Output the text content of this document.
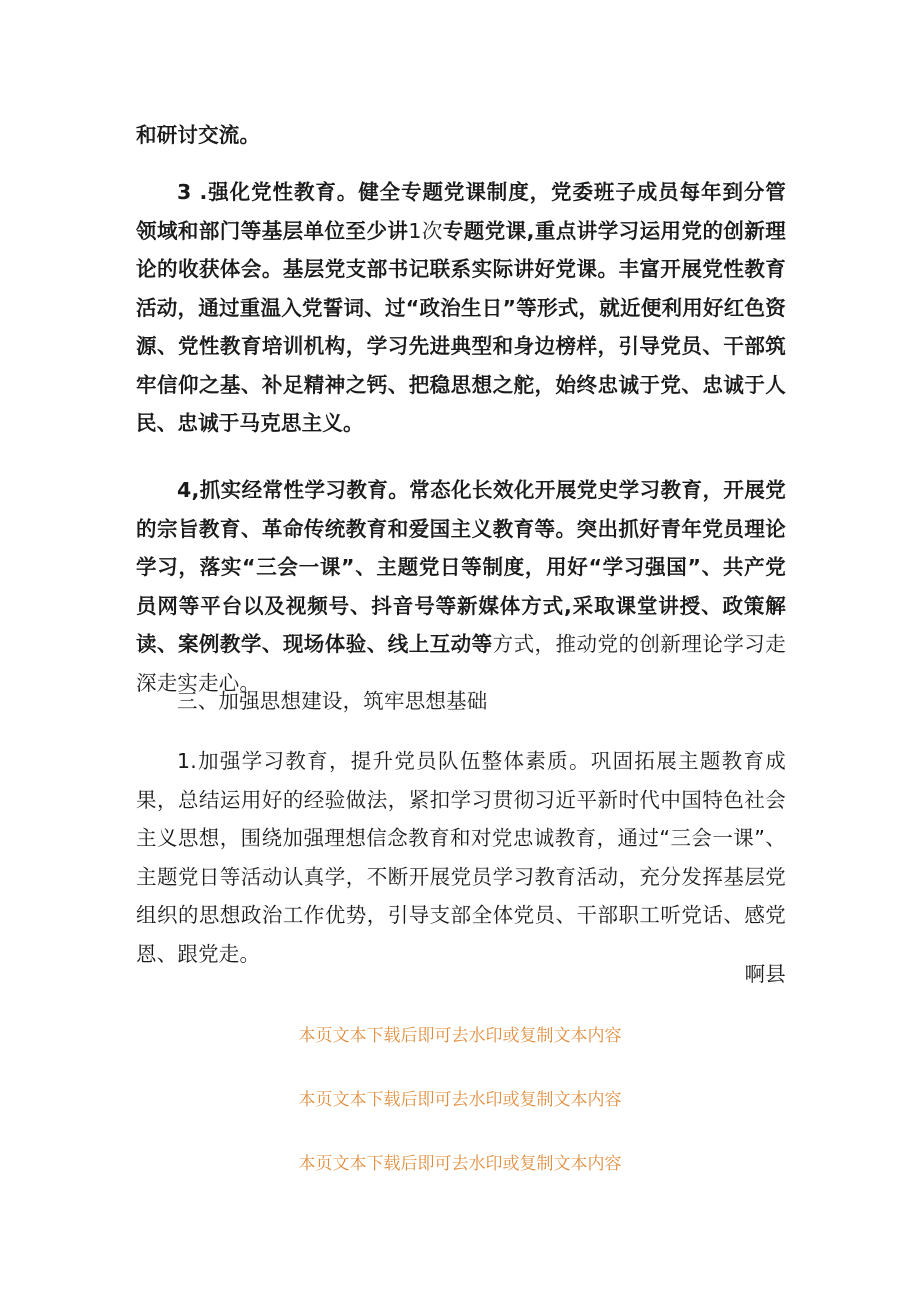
和研讨交流。

3 .强化党性教育。健全专题党课制度，党委班子成员每年到分管领域和部门等基层单位至少讲1次专题党课,重点讲学习运用党的创新理论的收获体会。基层党支部书记联系实际讲好党课。丰富开展党性教育活动，通过重温入党誓词、过“政治生日”等形式，就近便利用好红色资源、党性教育培训机构，学习先进典型和身边榜样，引导党员、干部筑牢信仰之基、补足精神之钙、把稳思想之舵，始终忠诚于党、忠诚于人民、忠诚于马克思主义。

4,抓实经常性学习教育。常态化长效化开展党史学习教育，开展党的宗旨教育、革命传统教育和爱国主义教育等。突出抓好青年党员理论学习，落实“三会一课”、主题党日等制度，用好“学习强国”、共产党员网等平台以及视频号、抖音号等新媒体方式,采取课堂讲授、政策解读、案例教学、现场体验、线上互动等方式，推动党的创新理论学习走深走实走心。

三、加强思想建设，筑牢思想基础

1.加强学习教育，提升党员队伍整体素质。巩固拓展主题教育成果，总结运用好的经验做法，紧扣学习贯彻习近平新时代中国特色社会主义思想，围绕加强理想信念教育和对党忠诚教育，通过“三会一课”、主题党日等活动认真学，不断开展党员学习教育活动，充分发挥基层党组织的思想政治工作优势，引导支部全体党员、干部职工听党话、感党恩、跟党走。

啊县

本页文本下载后即可去水印或复制文本内容
本页文本下载后即可去水印或复制文本内容
本页文本下载后即可去水印或复制文本内容
